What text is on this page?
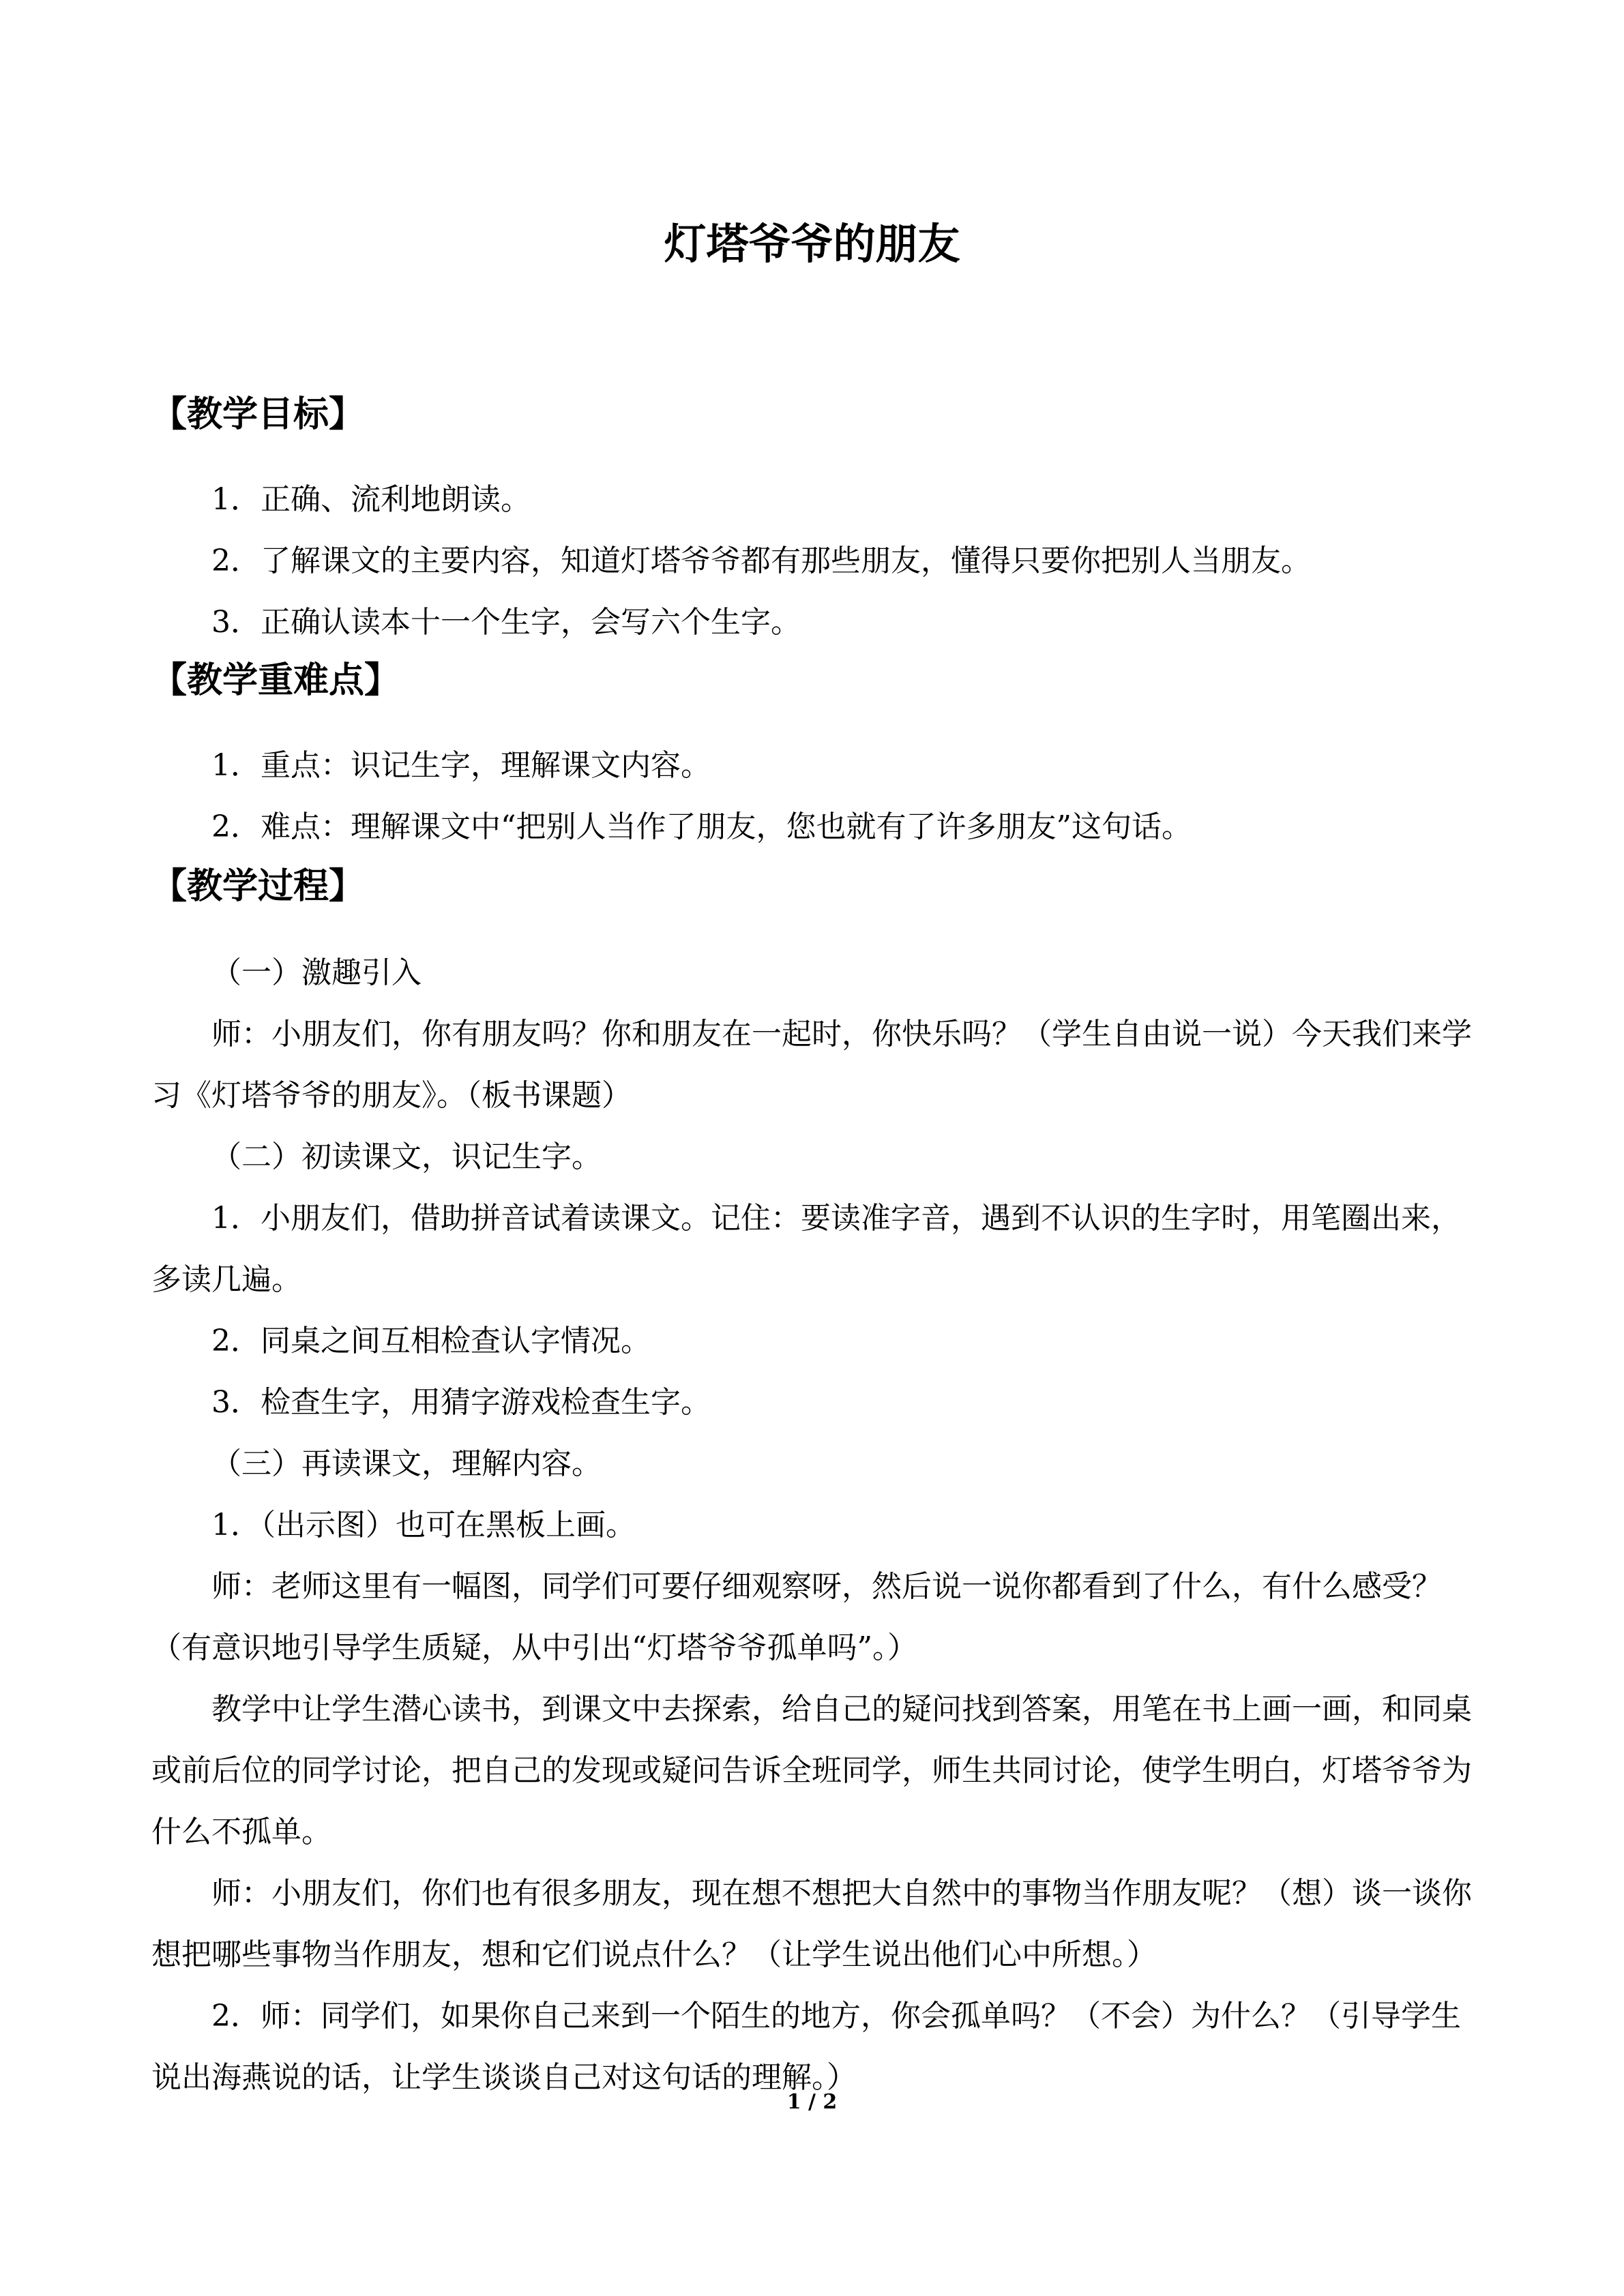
灯塔爷爷的朋友
【教学目标】
1．正确、流利地朗读。
2．了解课文的主要内容，知道灯塔爷爷都有那些朋友，懂得只要你把别人当朋友。
3．正确认读本十一个生字，会写六个生字。
【教学重难点】
1．重点：识记生字，理解课文内容。
2．难点：理解课文中“把别人当作了朋友，您也就有了许多朋友”这句话。
【教学过程】
（一）激趣引入
师：小朋友们，你有朋友吗？你和朋友在一起时，你快乐吗？（学生自由说一说）今天我们来学习《灯塔爷爷的朋友》。（板书课题）
（二）初读课文，识记生字。
1．小朋友们，借助拼音试着读课文。记住：要读准字音，遇到不认识的生字时，用笔圈出来，多读几遍。
2．同桌之间互相检查认字情况。
3．检查生字，用猜字游戏检查生字。
（三）再读课文，理解内容。
1．（出示图）也可在黑板上画。
师：老师这里有一幅图，同学们可要仔细观察呀，然后说一说你都看到了什么，有什么感受？（有意识地引导学生质疑，从中引出“灯塔爷爷孤单吗”。）
教学中让学生潜心读书，到课文中去探索，给自己的疑问找到答案，用笔在书上画一画，和同桌或前后位的同学讨论，把自己的发现或疑问告诉全班同学，师生共同讨论，使学生明白，灯塔爷爷为什么不孤单。
师：小朋友们，你们也有很多朋友，现在想不想把大自然中的事物当作朋友呢？（想）谈一谈你想把哪些事物当作朋友，想和它们说点什么？（让学生说出他们心中所想。）
2．师：同学们，如果你自己来到一个陌生的地方，你会孤单吗？（不会）为什么？（引导学生说出海燕说的话，让学生谈谈自己对这句话的理解。）
1 / 2
